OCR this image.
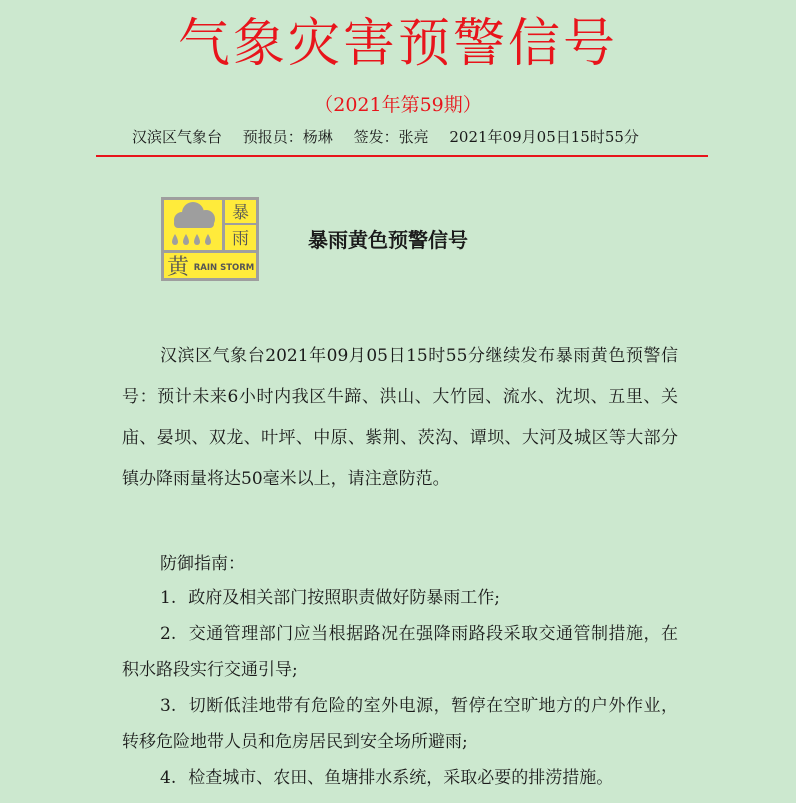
气象灾害预警信号
（2021年第59期）
汉滨区气象台 预报员：杨琳 签发：张亮 2021年09月05日15时55分
暴
雨
黄 RAIN STORM
暴雨黄色预警信号

汉滨区气象台2021年09月05日15时55分继续发布暴雨黄色预警信号：预计未来6小时内我区牛蹄、洪山、大竹园、流水、沈坝、五里、关庙、晏坝、双龙、叶坪、中原、紫荆、茨沟、谭坝、大河及城区等大部分镇办降雨量将达50毫米以上，请注意防范。

防御指南：

1. 政府及相关部门按照职责做好防暴雨工作;

2. 交通管理部门应当根据路况在强降雨路段采取交通管制措施，在积水路段实行交通引导;

3. 切断低洼地带有危险的室外电源，暂停在空旷地方的户外作业，转移危险地带人员和危房居民到安全场所避雨;

4. 检查城市、农田、鱼塘排水系统，采取必要的排涝措施。
